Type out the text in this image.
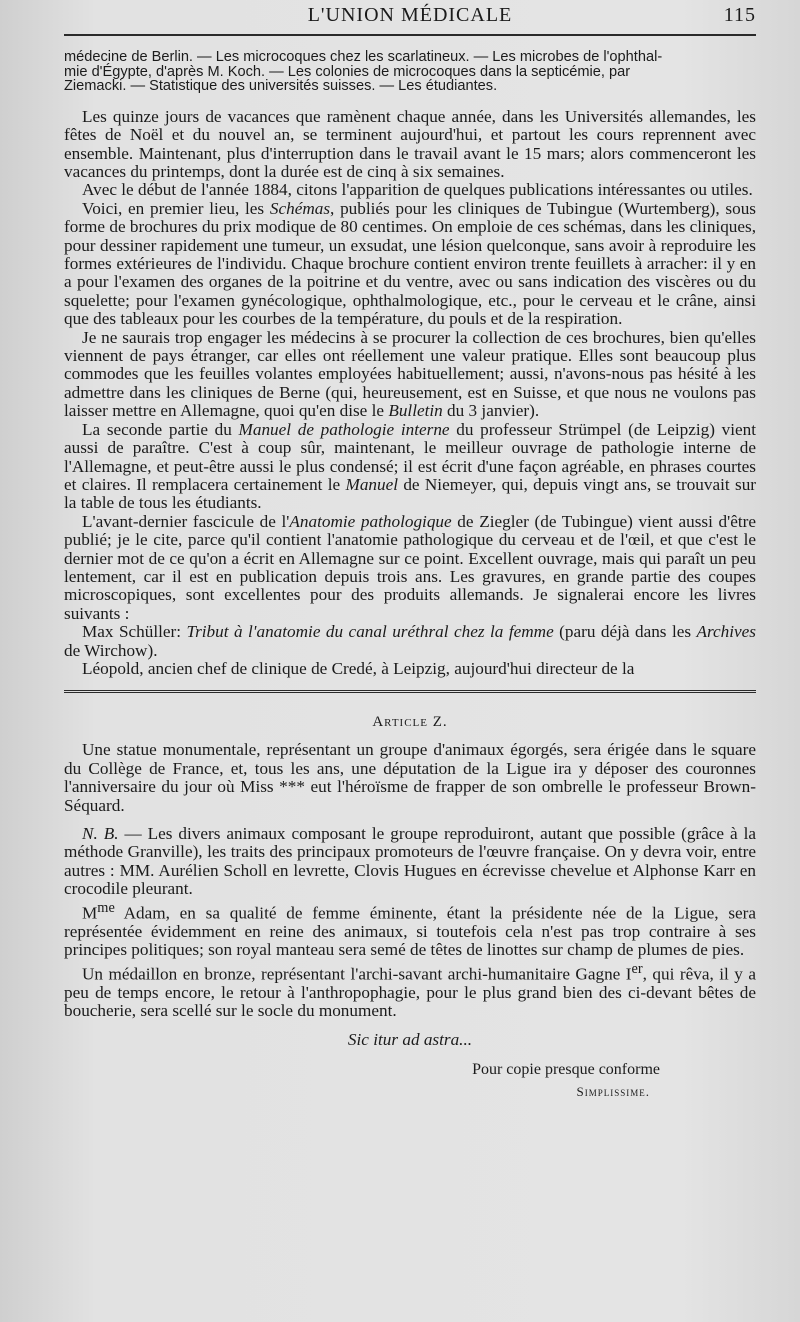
L'UNION MÉDICALE	115

médecine de Berlin. — Les microcoques chez les scarlatineux. — Les microbes de l'ophthal-

mie d'Égypte, d'après M. Koch. — Les colonies de microcoques dans la septicémie, par

Ziemacki. — Statistique des universités suisses. — Les étudiantes.

Les quinze jours de vacances que ramènent chaque année, dans les Universités allemandes, les fêtes de Noël et du nouvel an, se terminent aujourd'hui, et partout les cours reprennent avec ensemble. Maintenant, plus d'interruption dans le travail avant le 15 mars; alors commenceront les vacances du printemps, dont la durée est de cinq à six semaines.

Avec le début de l'année 1884, citons l'apparition de quelques publications intéressantes ou utiles.

Voici, en premier lieu, les Schémas, publiés pour les cliniques de Tubingue (Wurtemberg), sous forme de brochures du prix modique de 80 centimes. On emploie de ces schémas, dans les cliniques, pour dessiner rapidement une tumeur, un exsudat, une lésion quelconque, sans avoir à reproduire les formes extérieures de l'individu. Chaque brochure contient environ trente feuillets à arracher: il y en a pour l'examen des organes de la poitrine et du ventre, avec ou sans indication des viscères ou du squelette; pour l'examen gynécologique, ophthalmologique, etc., pour le cerveau et le crâne, ainsi que des tableaux pour les courbes de la température, du pouls et de la respiration.

Je ne saurais trop engager les médecins à se procurer la collection de ces brochures, bien qu'elles viennent de pays étranger, car elles ont réellement une valeur pratique. Elles sont beaucoup plus commodes que les feuilles volantes employées habituellement; aussi, n'avons-nous pas hésité à les admettre dans les cliniques de Berne (qui, heureusement, est en Suisse, et que nous ne voulons pas laisser mettre en Allemagne, quoi qu'en dise le Bulletin du 3 janvier).

La seconde partie du Manuel de pathologie interne du professeur Strümpel (de Leipzig) vient aussi de paraître. C'est à coup sûr, maintenant, le meilleur ouvrage de pathologie interne de l'Allemagne, et peut-être aussi le plus condensé; il est écrit d'une façon agréable, en phrases courtes et claires. Il remplacera certainement le Manuel de Niemeyer, qui, depuis vingt ans, se trouvait sur la table de tous les étudiants.

L'avant-dernier fascicule de l'Anatomie pathologique de Ziegler (de Tubingue) vient aussi d'être publié; je le cite, parce qu'il contient l'anatomie pathologique du cerveau et de l'œil, et que c'est le dernier mot de ce qu'on a écrit en Allemagne sur ce point. Excellent ouvrage, mais qui paraît un peu lentement, car il est en publication depuis trois ans. Les gravures, en grande partie des coupes microscopiques, sont excellentes pour des produits allemands. Je signalerai encore les livres suivants :

Max Schüller: Tribut à l'anatomie du canal uréthral chez la femme (paru déjà dans les Archives de Wirchow).

Léopold, ancien chef de clinique de Credé, à Leipzig, aujourd'hui directeur de la

Article Z.

Une statue monumentale, représentant un groupe d'animaux égorgés, sera érigée dans le square du Collège de France, et, tous les ans, une députation de la Ligue ira y déposer des couronnes l'anniversaire du jour où Miss *** eut l'héroïsme de frapper de son ombrelle le professeur Brown-Séquard.

N. B. — Les divers animaux composant le groupe reproduiront, autant que possible (grâce à la méthode Granville), les traits des principaux promoteurs de l'œuvre française. On y devra voir, entre autres : MM. Aurélien Scholl en levrette, Clovis Hugues en écrevisse chevelue et Alphonse Karr en crocodile pleurant.

$M^{me}$ Adam, en sa qualité de femme éminente, étant la présidente née de la Ligue, sera représentée évidemment en reine des animaux, si toutefois cela n'est pas trop contraire à ses principes politiques; son royal manteau sera semé de têtes de linottes sur champ de plumes de pies.

Un médaillon en bronze, représentant l'archi-savant archi-humanitaire Gagne Ier, qui rêva, il y a peu de temps encore, le retour à l'anthropophagie, pour le plus grand bien des ci-devant bêtes de boucherie, sera scellé sur le socle du monument.

Sic itur ad astra...

Pour copie presque conforme

Simplissime.
